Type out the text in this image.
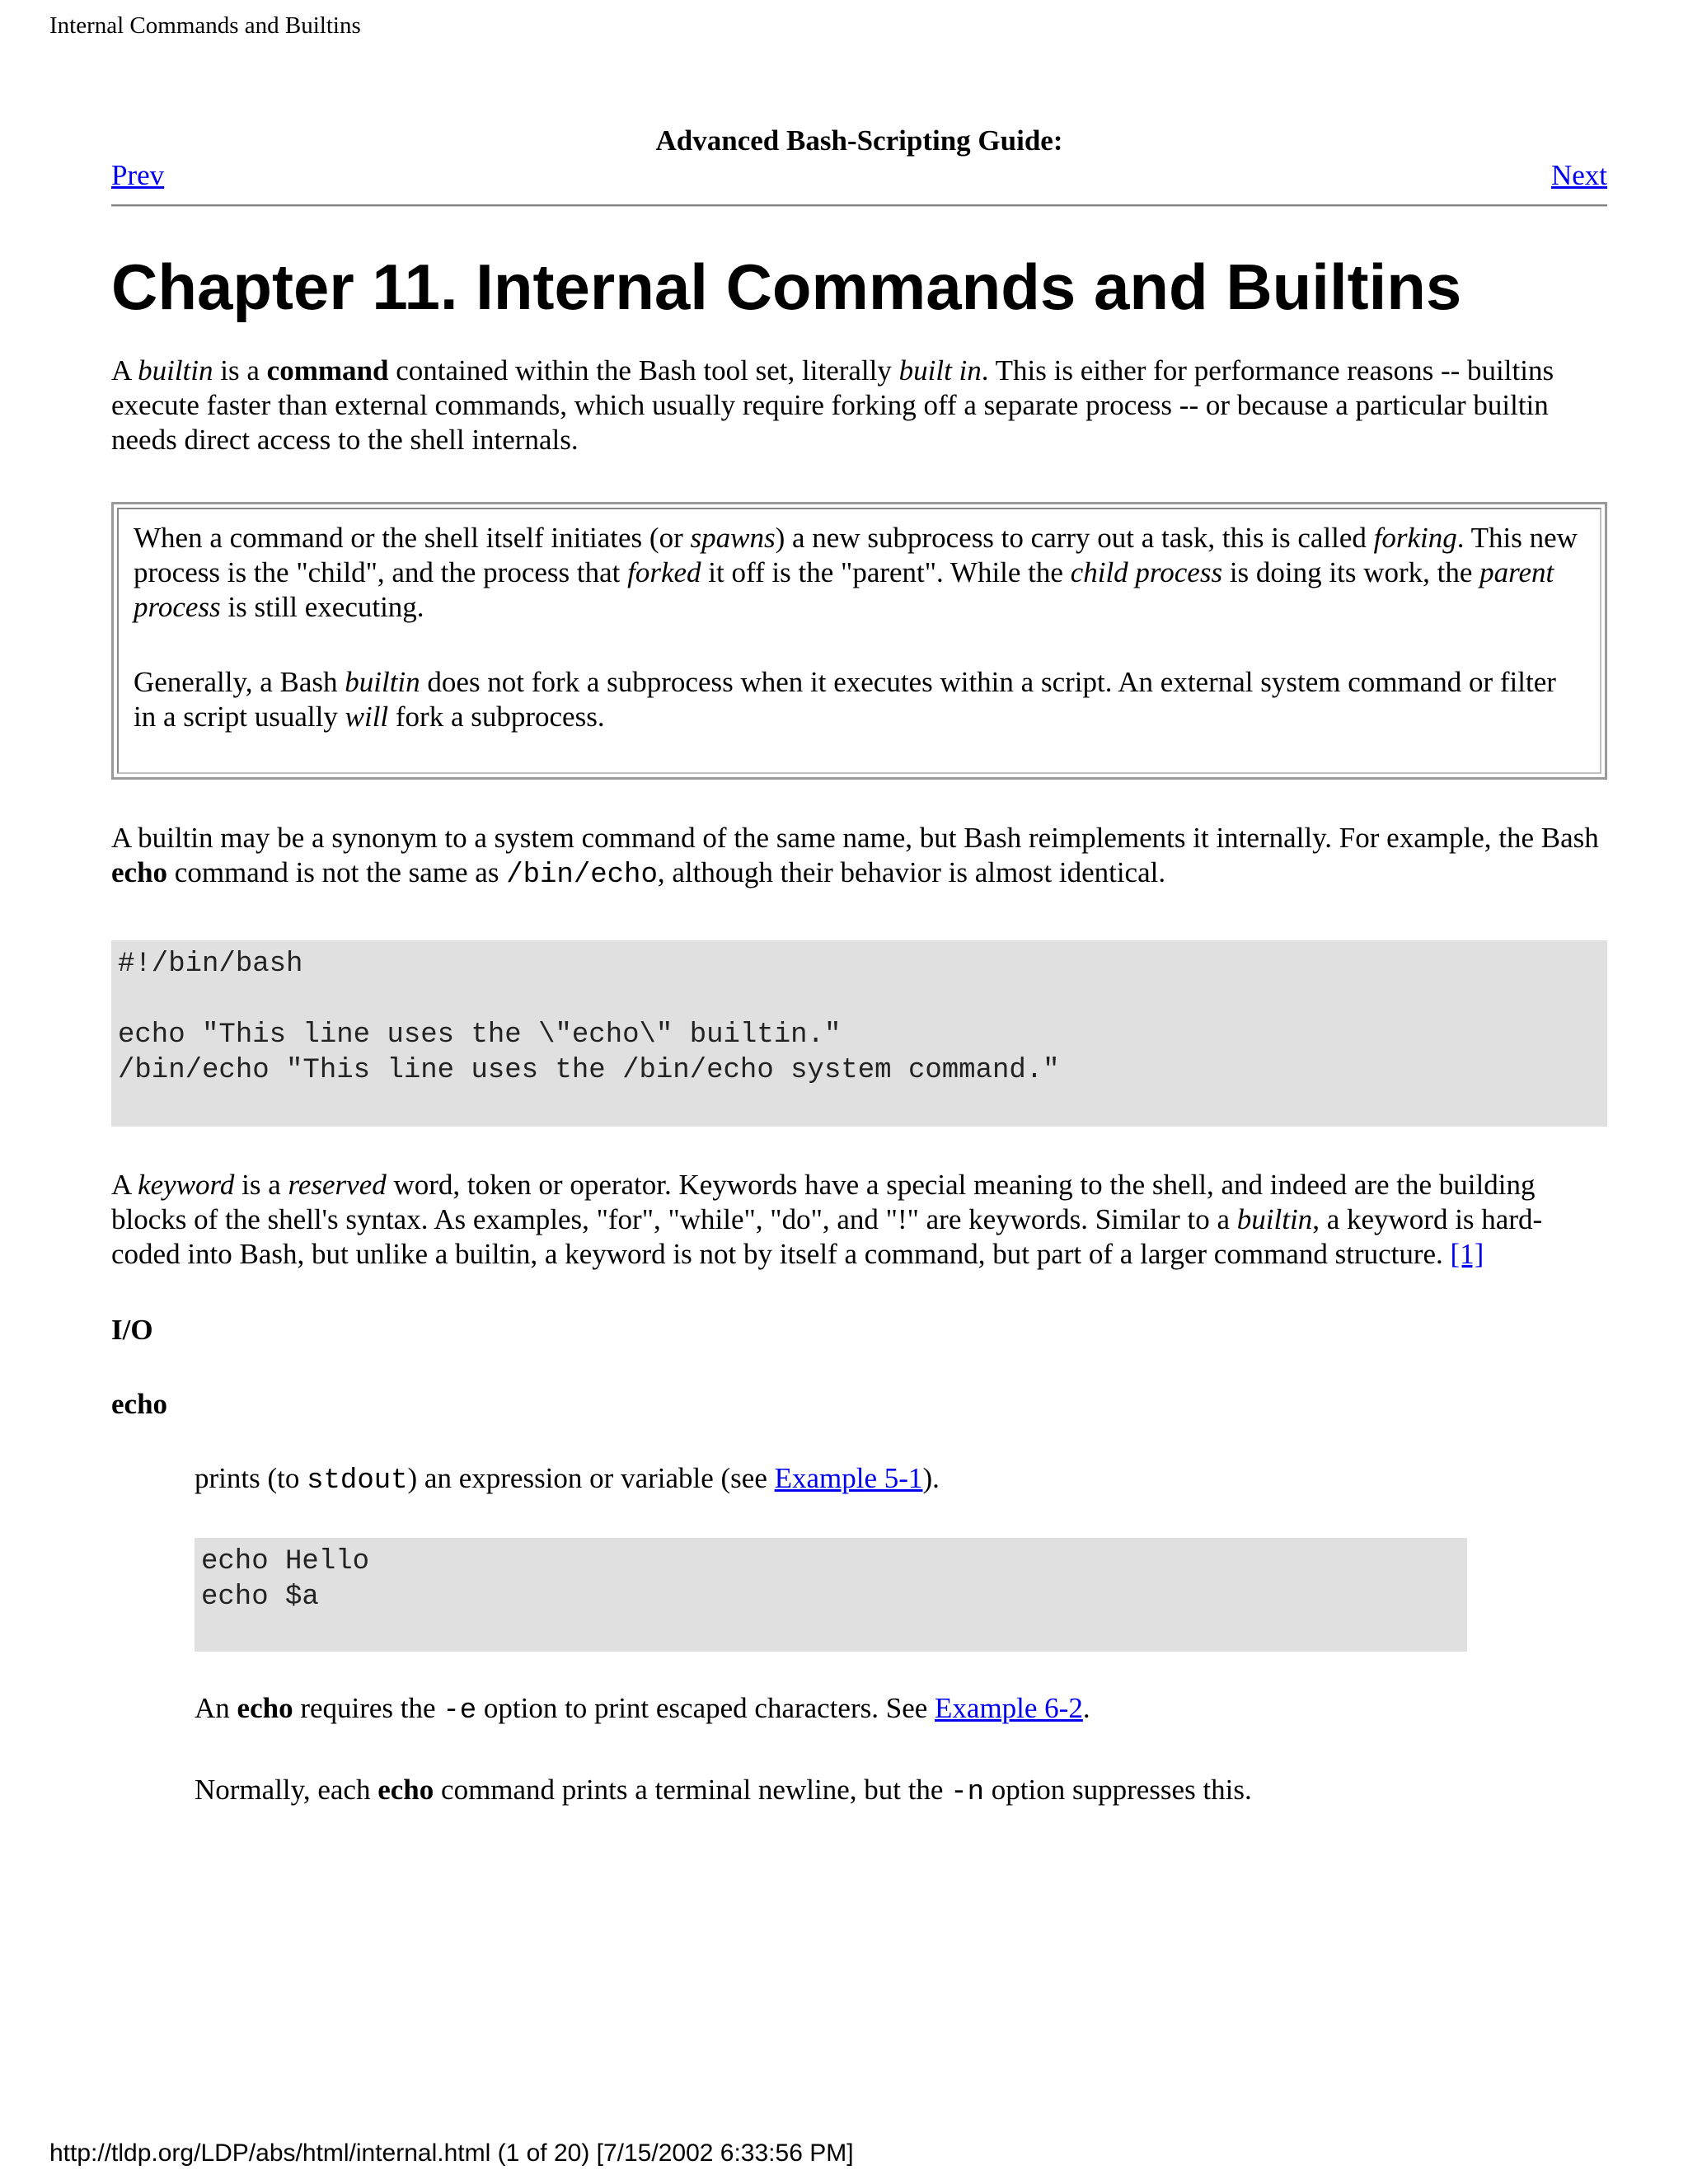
Internal Commands and Builtins
Advanced Bash-Scripting Guide:
Prev	Next
Chapter 11. Internal Commands and Builtins

A builtin is a command contained within the Bash tool set, literally built in. This is either for performance reasons -- builtins execute faster than external commands, which usually require forking off a separate process -- or because a particular builtin needs direct access to the shell internals.

When a command or the shell itself initiates (or spawns) a new subprocess to carry out a task, this is called forking. This new process is the "child", and the process that forked it off is the "parent". While the child process is doing its work, the parent process is still executing.

Generally, a Bash builtin does not fork a subprocess when it executes within a script. An external system command or filter in a script usually will fork a subprocess.

A builtin may be a synonym to a system command of the same name, but Bash reimplements it internally. For example, the Bash echo command is not the same as /bin/echo, although their behavior is almost identical.

#!/bin/bash

echo "This line uses the \"echo\" builtin."
/bin/echo "This line uses the /bin/echo system command."

A keyword is a reserved word, token or operator. Keywords have a special meaning to the shell, and indeed are the building blocks of the shell's syntax. As examples, "for", "while", "do", and "!" are keywords. Similar to a builtin, a keyword is hard-coded into Bash, but unlike a builtin, a keyword is not by itself a command, but part of a larger command structure. [1]

I/O
echo

prints (to stdout) an expression or variable (see Example 5-1).

echo Hello
echo $a

An echo requires the -e option to print escaped characters. See Example 6-2.

Normally, each echo command prints a terminal newline, but the -n option suppresses this.

http://tldp.org/LDP/abs/html/internal.html (1 of 20) [7/15/2002 6:33:56 PM]
